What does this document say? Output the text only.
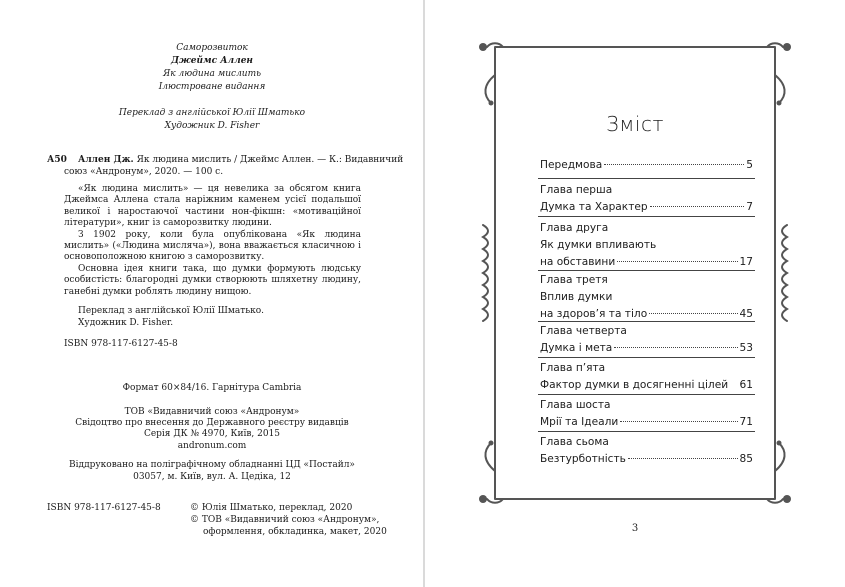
Саморозвиток
Джеймс Аллен
Як людина мислить
Ілюстроване видання
Переклад з англійської Юлії Шматько
Художник D. Fisher
А50 Аллен Дж. Як людина мислить / Джеймс Аллен. — К.: Видавничий
союз «Андронум», 2020. — 100 с.

«Як людина мислить» — ця невелика за обсягом книга Джеймса Аллена стала наріжним каменем усієї подальшої великої і наростаючої частини нон-фікшн: «мотиваційної літератури», книг із саморозвитку людини.

З 1902 року, коли була опублікована «Як людина мислить» («Людина мисляча»), вона вважається класичною і основоположною книгою з саморозвитку.

Основна ідея книги така, що думки формують людську особистість: благородні думки створюють шляхетну людину, ганебні думки роблять людину нищою.

Переклад з англійської Юлії Шматько.
Художник D. Fisher.
ISBN 978-117-6127-45-8
Формат 60×84/16. Гарнітура Cambria
ТОВ «Видавничий союз «Андронум»
Свідоцтво про внесення до Державного реєстру видавців
Серія ДК № 4970, Київ, 2015
andronum.com
Віддруковано на поліграфічному обладнанні ЦД «Постайл»
03057, м. Київ, вул. А. Цедіка, 12
ISBN 978-117-6127-45-8	© Юлія Шматько, переклад, 2020
© ТОВ «Видавничий союз «Андронум»,
оформлення, обкладинка, макет, 2020
Зміст
Передмова	5
Глава перша
Думка та Характер	7
Глава друга
Як думки впливають
на обставини	17
Глава третя
Вплив думки
на здоров’я та тіло	45
Глава четверта
Думка і мета	53
Глава п’ята
Фактор думки в досягненні цілей 61
Глава шоста
Мрії та Ідеали	71
Глава сьома
Безтурботність	85
3
